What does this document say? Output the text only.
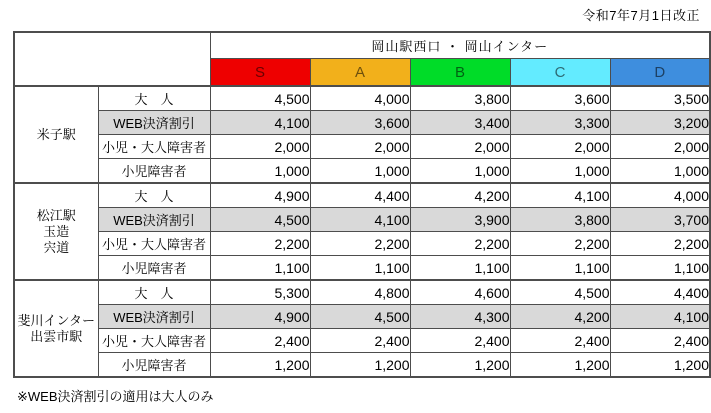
令和7年7月1日改正
		岡山駅西口 ・ 岡山インター				
		S	A	B	C	D

米子駅	大　人	4,500	4,000	3,800	3,600	3,500
	WEB決済割引	4,100	3,600	3,400	3,300	3,200
	小児・大人障害者	2,000	2,000	2,000	2,000	2,000
	小児障害者	1,000	1,000	1,000	1,000	1,000

松江駅
玉造
宍道	大　人	4,900	4,400	4,200	4,100	4,000
	WEB決済割引	4,500	4,100	3,900	3,800	3,700
	小児・大人障害者	2,200	2,200	2,200	2,200	2,200
	小児障害者	1,100	1,100	1,100	1,100	1,100

斐川インター
出雲市駅	大　人	5,300	4,800	4,600	4,500	4,400
	WEB決済割引	4,900	4,500	4,300	4,200	4,100
	小児・大人障害者	2,400	2,400	2,400	2,400	2,400
	小児障害者	1,200	1,200	1,200	1,200	1,200
※WEB決済割引の適用は大人のみ
